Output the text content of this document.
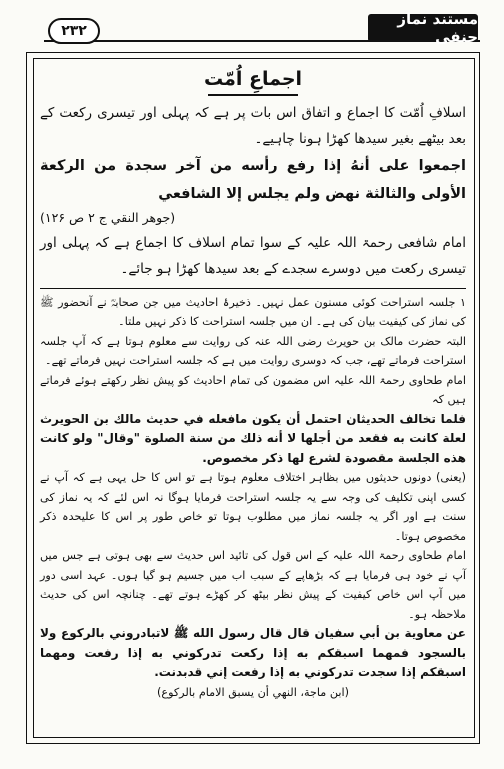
۲۳۲
مستند نماز حنفی
اجماعِ اُمّت

اسلافِ اُمّت کا اجماع و اتفاق اس بات پر ہے کہ پہلی اور تیسری رکعت کے بعد بیٹھے بغیر سیدھا کھڑا ہونا چاہیے۔

اجمعوا على أنهُ إذا رفع رأسه من آخر سجدة من الركعة الأولى والثالثة نهض ولم يجلس إلا الشافعي

(جوهر النقي ج ۲ ص ۱۲۶)

امام شافعی رحمۃ اللہ علیہ کے سوا تمام اسلاف کا اجماع ہے کہ پہلی اور تیسری رکعت میں دوسرے سجدے کے بعد سیدھا کھڑا ہو جائے۔

۱ جلسہ استراحت کوئی مسنون عمل نہیں۔ ذخیرۂ احادیث میں جن صحابہؓ نے آنحضور ﷺ کی نماز کی کیفیت بیان کی ہے۔ ان میں جلسہ استراحت کا ذکر نہیں ملتا۔

البتہ حضرت مالک بن حویرث رضی اللہ عنہ کی روایت سے معلوم ہوتا ہے کہ آپ جلسہ استراحت فرماتے تھے، جب کہ دوسری روایت میں ہے کہ جلسہ استراحت نہیں فرماتے تھے۔

امام طحاوی رحمۃ اللہ علیہ اس مضمون کی تمام احادیث کو پیش نظر رکھتے ہوئے فرماتے ہیں کہ

فلما تخالف الحديثان احتمل أن يكون مافعله في حديث مالك بن الحويرث لعلة كانت به فقعد من أجلها لا أنه ذلك من سنة الصلوة "وقال" ولو كانت هذه الجلسة مقصودة لشرع لها ذكر مخصوص.

(یعنی) دونوں حدیثوں میں بظاہر اختلاف معلوم ہوتا ہے تو اس کا حل یہی ہے کہ آپ نے کسی اپنی تکلیف کی وجہ سے یہ جلسہ استراحت فرمایا ہوگا نہ اس لئے کہ یہ نماز کی سنت ہے اور اگر یہ جلسہ نماز میں مطلوب ہوتا تو خاص طور پر اس کا علیحدہ ذکر مخصوص ہوتا۔

امام طحاوی رحمۃ اللہ علیہ کے اس قول کی تائید اس حدیث سے بھی ہوتی ہے جس میں آپ نے خود ہی فرمایا ہے کہ بڑھاپے کے سبب اب میں جسیم ہو گیا ہوں۔ عہد اسی دور میں آپ اس خاص کیفیت کے پیش نظر بیٹھ کر کھڑے ہوتے تھے۔ چنانچہ اس کی حدیث ملاحظہ ہو۔

عن معاوية بن أبي سفيان قال قال رسول الله ﷺ لاتبادروني بالركوع ولا بالسجود فمهما اسبقكم به إذا ركعت تدركوني به إذا رفعت ومهما اسبقكم إذا سجدت تدركوني به إذا رفعت إني قدبدنت.

(ابن ماجة، النهي أن يسبق الامام بالركوع)
